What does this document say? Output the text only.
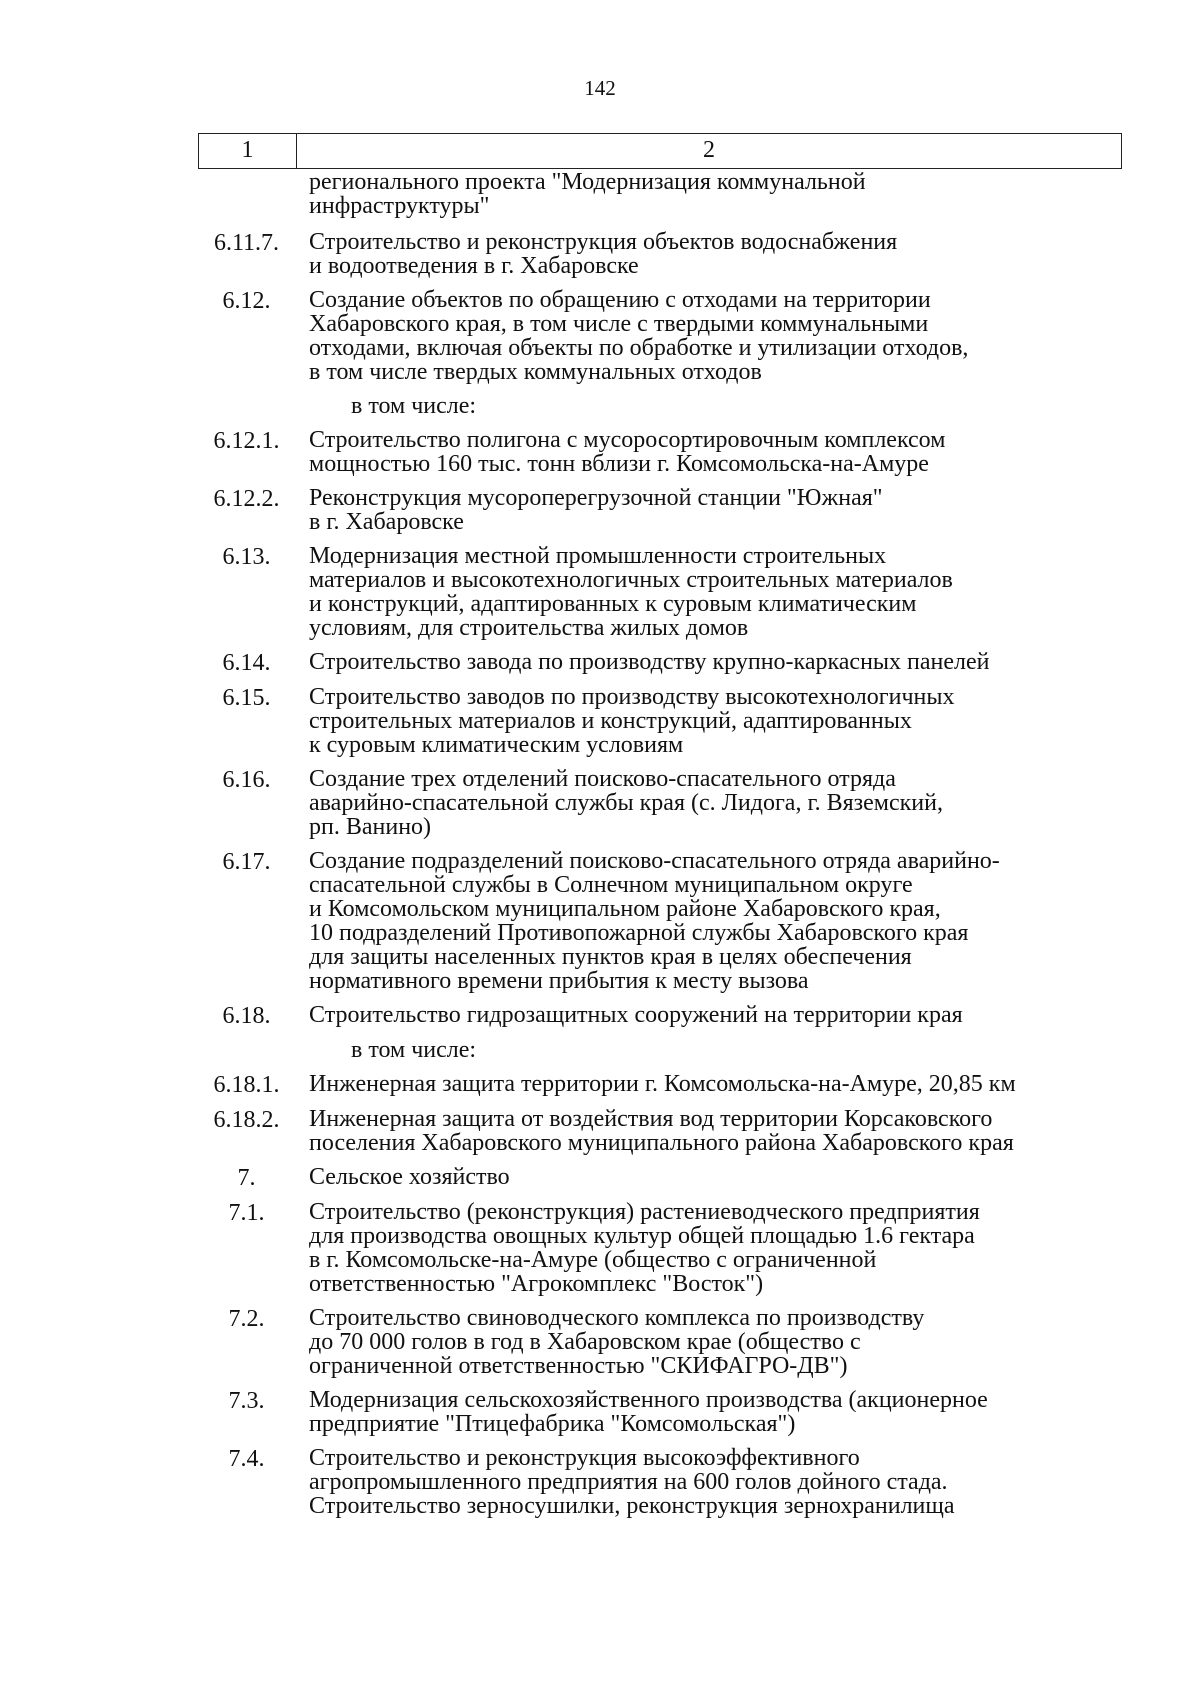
142
1	2
регионального проекта "Модернизация коммунальной
инфраструктуры"
6.11.7.	Строительство и реконструкция объектов водоснабжения
и водоотведения в г. Хабаровске
6.12.	Создание объектов по обращению с отходами на территории
Хабаровского края, в том числе с твердыми коммунальными
отходами, включая объекты по обработке и утилизации отходов,
в том числе твердых коммунальных отходов
в том числе:
6.12.1.	Строительство полигона с мусоросортировочным комплексом
мощностью 160 тыс. тонн вблизи г. Комсомольска-на-Амуре
6.12.2.	Реконструкция мусороперегрузочной станции "Южная"
в г. Хабаровске
6.13.	Модернизация местной промышленности строительных
материалов и высокотехнологичных строительных материалов
и конструкций, адаптированных к суровым климатическим
условиям, для строительства жилых домов
6.14.	Строительство завода по производству крупно-каркасных панелей
6.15.	Строительство заводов по производству высокотехнологичных
строительных материалов и конструкций, адаптированных
к суровым климатическим условиям
6.16.	Создание трех отделений поисково-спасательного отряда
аварийно-спасательной службы края (с. Лидога, г. Вяземский,
рп. Ванино)
6.17.	Создание подразделений поисково-спасательного отряда аварийно-
спасательной службы в Солнечном муниципальном округе
и Комсомольском муниципальном районе Хабаровского края,
10 подразделений Противопожарной службы Хабаровского края
для защиты населенных пунктов края в целях обеспечения
нормативного времени прибытия к месту вызова
6.18.	Строительство гидрозащитных сооружений на территории края
в том числе:
6.18.1.	Инженерная защита территории г. Комсомольска-на-Амуре, 20,85 км
6.18.2.	Инженерная защита от воздействия вод территории Корсаковского
поселения Хабаровского муниципального района Хабаровского края
7.	Сельское хозяйство
7.1.	Строительство (реконструкция) растениеводческого предприятия
для производства овощных культур общей площадью 1.6 гектара
в г. Комсомольске-на-Амуре (общество с ограниченной
ответственностью "Агрокомплекс "Восток")
7.2.	Строительство свиноводческого комплекса по производству
до 70 000 голов в год в Хабаровском крае (общество с
ограниченной ответственностью "СКИФАГРО-ДВ")
7.3.	Модернизация сельскохозяйственного производства (акционерное
предприятие "Птицефабрика "Комсомольская")
7.4.	Строительство и реконструкция высокоэффективного
агропромышленного предприятия на 600 голов дойного стада.
Строительство зерносушилки, реконструкция зернохранилища
